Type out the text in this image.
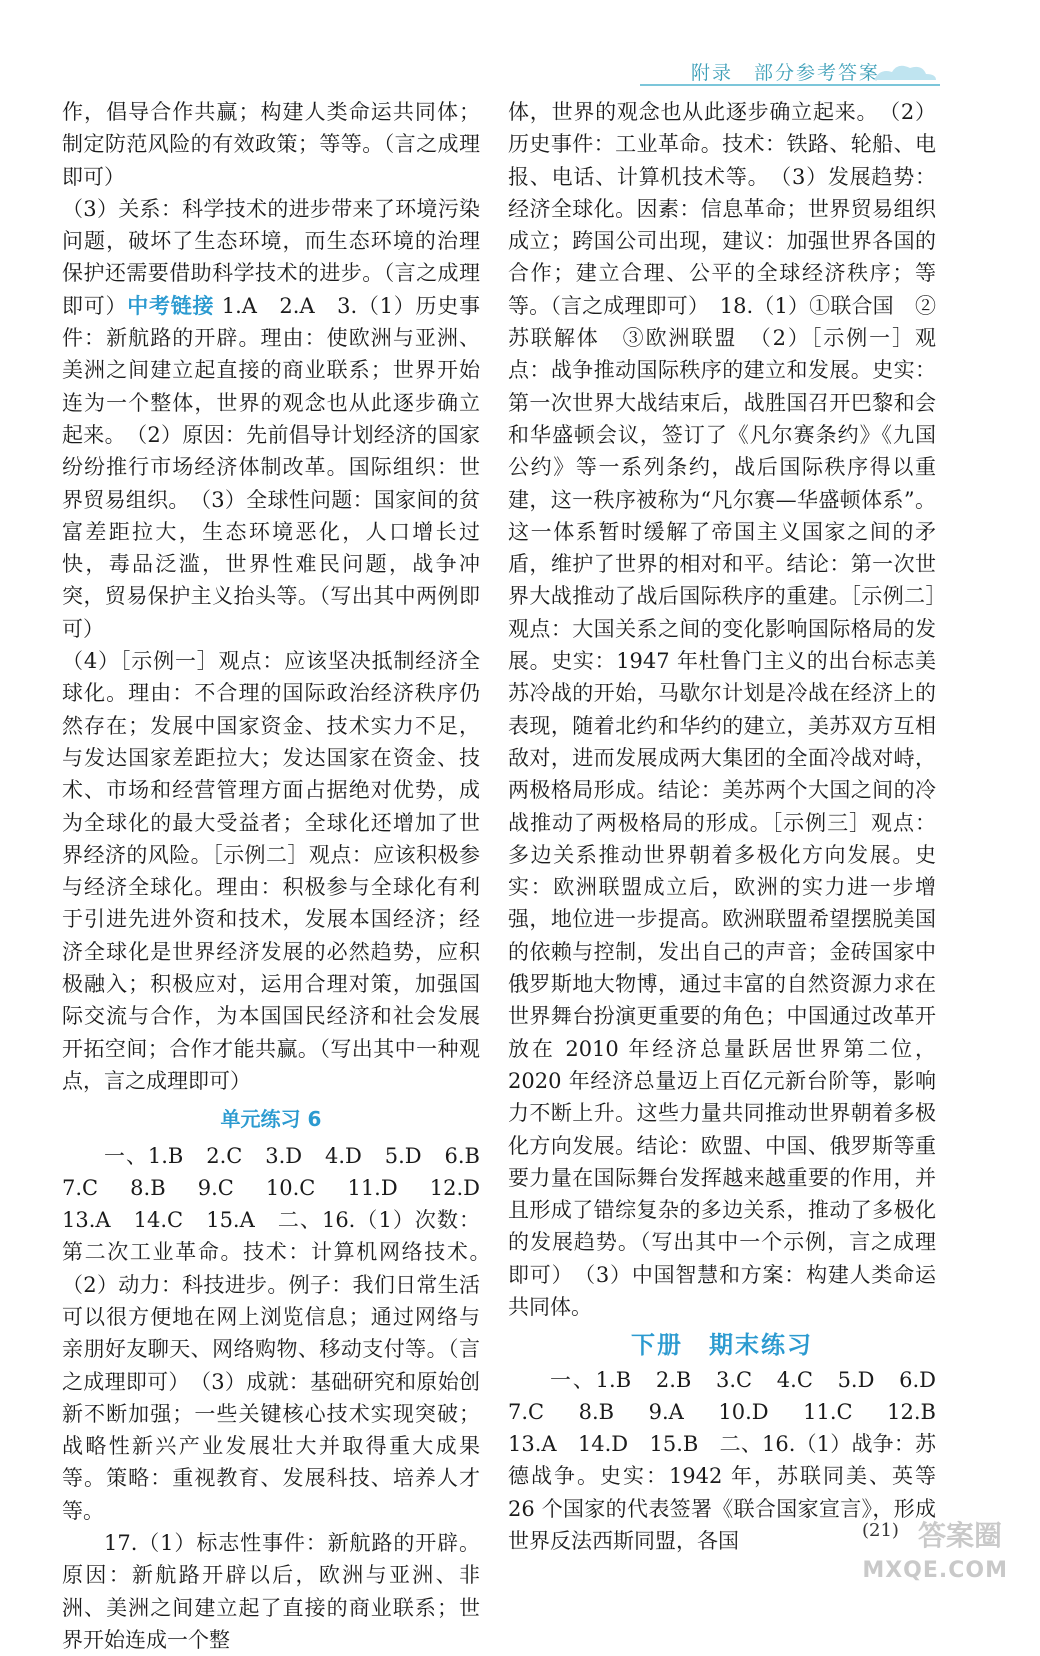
附录　部分参考答案

作，倡导合作共赢；构建人类命运共同体；制定防范风险的有效政策；等等。（言之成理即可）

（3）关系：科学技术的进步带来了环境污染问题，破坏了生态环境，而生态环境的治理保护还需要借助科学技术的进步。（言之成理即可）中考链接 1.A　2.A　3.（1）历史事件：新航路的开辟。理由：使欧洲与亚洲、美洲之间建立起直接的商业联系；世界开始连为一个整体，世界的观念也从此逐步确立起来。　（2）原因：先前倡导计划经济的国家纷纷推行市场经济体制改革。国际组织：世界贸易组织。　（3）全球性问题：国家间的贫富差距拉大，生态环境恶化，人口增长过快，毒品泛滥，世界性难民问题，战争冲突，贸易保护主义抬头等。（写出其中两例即可）

（4）［示例一］观点：应该坚决抵制经济全球化。理由：不合理的国际政治经济秩序仍然存在；发展中国家资金、技术实力不足，与发达国家差距拉大；发达国家在资金、技术、市场和经营管理方面占据绝对优势，成为全球化的最大受益者；全球化还增加了世界经济的风险。［示例二］观点：应该积极参与经济全球化。理由：积极参与全球化有利于引进先进外资和技术，发展本国经济；经济全球化是世界经济发展的必然趋势，应积极融入；积极应对，运用合理对策，加强国际交流与合作，为本国国民经济和社会发展开拓空间；合作才能共赢。（写出其中一种观点，言之成理即可）

单元练习 6

一、1.B　2.C　3.D　4.D　5.D　6.B　7.C　8.B　9.C　10.C　11.D　12.D　13.A　14.C　15.A　二、16.（1）次数：第二次工业革命。技术：计算机网络技术。　（2）动力：科技进步。例子：我们日常生活可以很方便地在网上浏览信息；通过网络与亲朋好友聊天、网络购物、移动支付等。（言之成理即可）　（3）成就：基础研究和原始创新不断加强；一些关键核心技术实现突破；战略性新兴产业发展壮大并取得重大成果等。策略：重视教育、发展科技、培养人才等。

17.（1）标志性事件：新航路的开辟。原因：新航路开辟以后，欧洲与亚洲、非洲、美洲之间建立起了直接的商业联系；世界开始连成一个整

体，世界的观念也从此逐步确立起来。　（2）历史事件：工业革命。技术：铁路、轮船、电报、电话、计算机技术等。　（3）发展趋势：经济全球化。因素：信息革命；世界贸易组织成立；跨国公司出现，建议：加强世界各国的合作；建立合理、公平的全球经济秩序；等等。（言之成理即可）　18.（1）①联合国　②苏联解体　③欧洲联盟　（2）［示例一］观点：战争推动国际秩序的建立和发展。史实：第一次世界大战结束后，战胜国召开巴黎和会和华盛顿会议，签订了《凡尔赛条约》《九国公约》等一系列条约，战后国际秩序得以重建，这一秩序被称为“凡尔赛—华盛顿体系”。这一体系暂时缓解了帝国主义国家之间的矛盾，维护了世界的相对和平。结论：第一次世界大战推动了战后国际秩序的重建。［示例二］观点：大国关系之间的变化影响国际格局的发展。史实：1947 年杜鲁门主义的出台标志美苏冷战的开始，马歇尔计划是冷战在经济上的表现，随着北约和华约的建立，美苏双方互相敌对，进而发展成两大集团的全面冷战对峙，两极格局形成。结论：美苏两个大国之间的冷战推动了两极格局的形成。［示例三］观点：多边关系推动世界朝着多极化方向发展。史实：欧洲联盟成立后，欧洲的实力进一步增强，地位进一步提高。欧洲联盟希望摆脱美国的依赖与控制，发出自己的声音；金砖国家中俄罗斯地大物博，通过丰富的自然资源力求在世界舞台扮演更重要的角色；中国通过改革开放在 2010 年经济总量跃居世界第二位，2020 年经济总量迈上百亿元新台阶等，影响力不断上升。这些力量共同推动世界朝着多极化方向发展。结论：欧盟、中国、俄罗斯等重要力量在国际舞台发挥越来越重要的作用，并且形成了错综复杂的多边关系，推动了多极化的发展趋势。（写出其中一个示例，言之成理即可）　（3）中国智慧和方案：构建人类命运共同体。

下册　期末练习

一、1.B　2.B　3.C　4.C　5.D　6.D　7.C　8.B　9.A　10.D　11.C　12.B　13.A　14.D　15.B　二、16.（1）战争：苏德战争。史实：1942 年，苏联同美、英等 26 个国家的代表签署《联合国家宣言》，形成世界反法西斯同盟，各国	(21) 答案圈
MXQE.COM
